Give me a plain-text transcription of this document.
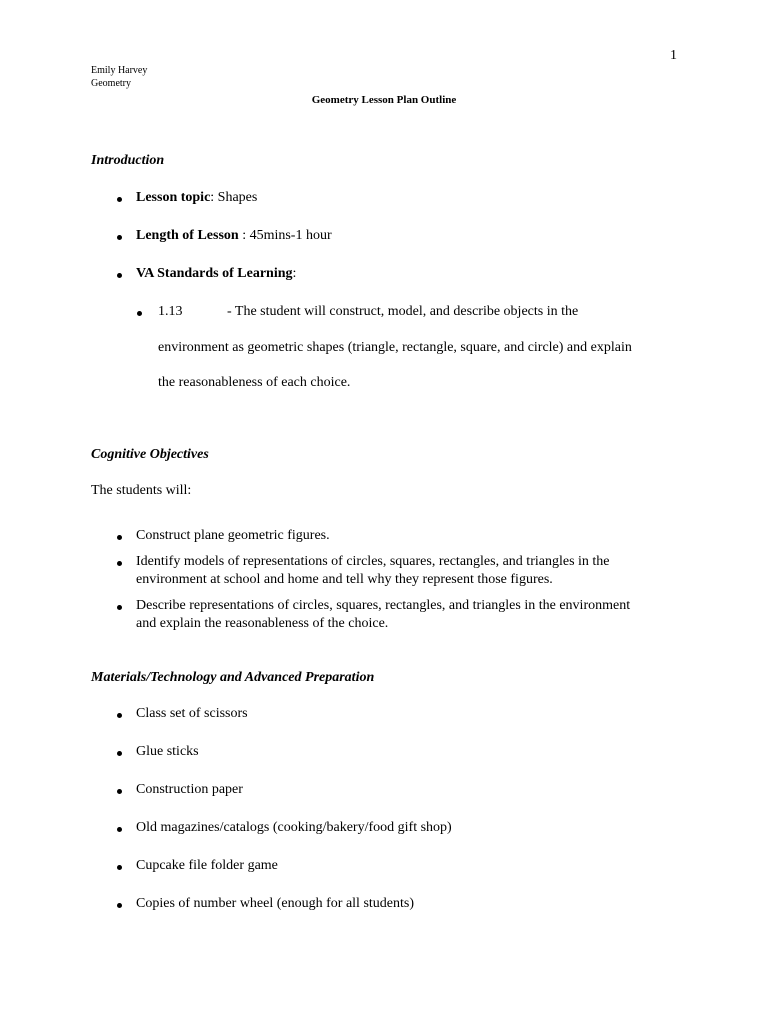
1
Emily Harvey
Geometry
Geometry Lesson Plan Outline
Introduction
Lesson topic: Shapes
Length of Lesson : 45mins-1 hour
VA Standards of Learning:
1.13	- The student will construct, model, and describe objects in the
environment as geometric shapes (triangle, rectangle, square, and circle) and explain
the reasonableness of each choice.
Cognitive Objectives
The students will:
Construct plane geometric figures.
Identify models of representations of circles, squares, rectangles, and triangles in the
environment at school and home and tell why they represent those figures.
Describe representations of circles, squares, rectangles, and triangles in the environment
and explain the reasonableness of the choice.
Materials/Technology and Advanced Preparation
Class set of scissors
Glue sticks
Construction paper
Old magazines/catalogs (cooking/bakery/food gift shop)
Cupcake file folder game
Copies of number wheel (enough for all students)
